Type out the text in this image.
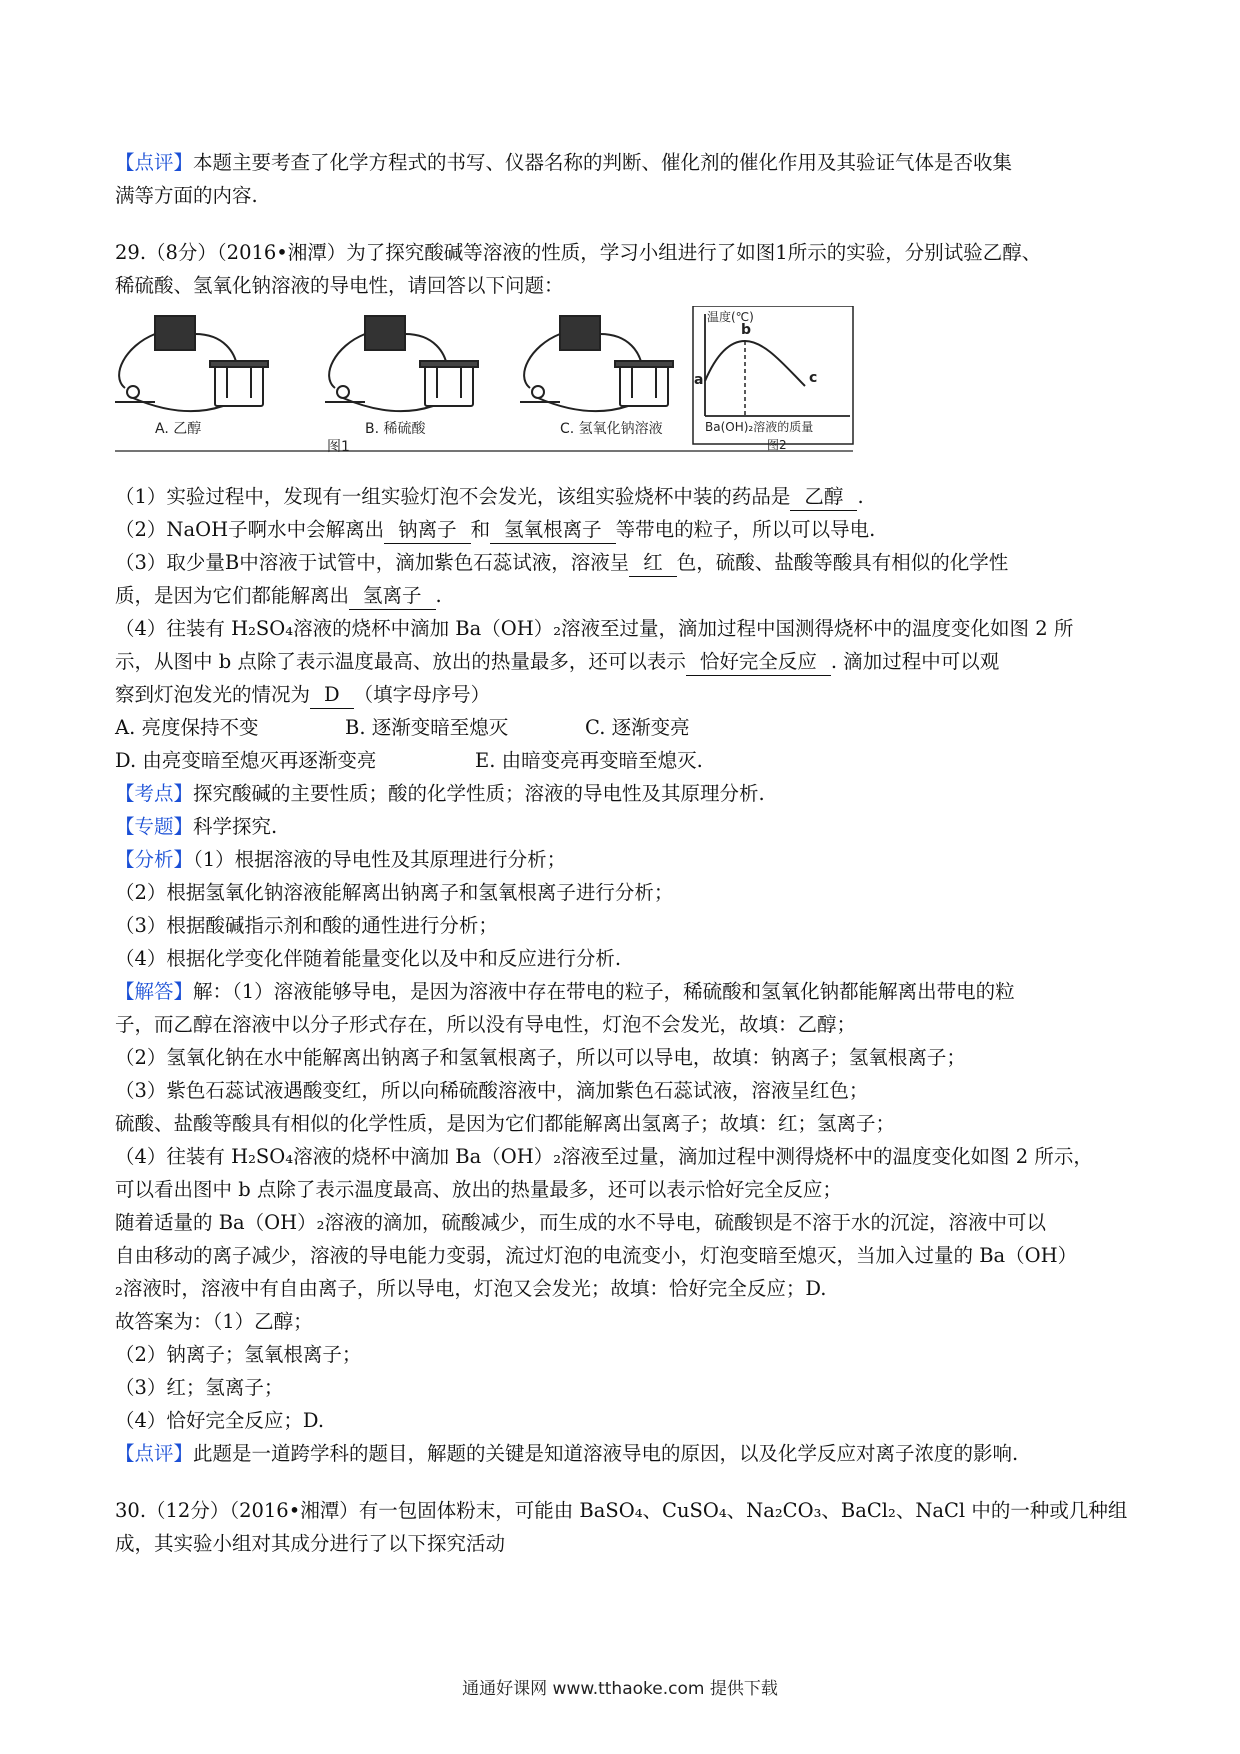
【点评】本题主要考查了化学方程式的书写、仪器名称的判断、催化剂的催化作用及其验证气体是否收集
满等方面的内容.
29.（8分）（2016•湘潭）为了探究酸碱等溶液的性质，学习小组进行了如图1所示的实验，分别试验乙醇、
稀硫酸、氢氧化钠溶液的导电性，请回答以下问题：
A. 乙醇	B. 稀硫酸	C. 氢氧化钠溶液
图1
温度(℃)
Ba(OH)₂溶液的质量
a
b
c
图2
（1）实验过程中，发现有一组实验灯泡不会发光，该组实验烧杯中装的药品是 乙醇 .
（2）NaOH子啊水中会解离出 钠离子 和 氢氧根离子 等带电的粒子，所以可以导电.
（3）取少量B中溶液于试管中，滴加紫色石蕊试液，溶液呈 红 色，硫酸、盐酸等酸具有相似的化学性
质，是因为它们都能解离出 氢离子 .
（4）往装有 H₂SO₄溶液的烧杯中滴加 Ba（OH）₂溶液至过量，滴加过程中国测得烧杯中的温度变化如图 2 所
示，从图中 b 点除了表示温度最高、放出的热量最多，还可以表示 恰好完全反应 . 滴加过程中可以观
察到灯泡发光的情况为 D （填字母序号）
A. 亮度保持不变	B. 逐渐变暗至熄灭	C. 逐渐变亮
D. 由亮变暗至熄灭再逐渐变亮	E. 由暗变亮再变暗至熄灭.
【考点】探究酸碱的主要性质；酸的化学性质；溶液的导电性及其原理分析.
【专题】科学探究.
【分析】（1）根据溶液的导电性及其原理进行分析；
（2）根据氢氧化钠溶液能解离出钠离子和氢氧根离子进行分析；
（3）根据酸碱指示剂和酸的通性进行分析；
（4）根据化学变化伴随着能量变化以及中和反应进行分析.
【解答】解：（1）溶液能够导电，是因为溶液中存在带电的粒子，稀硫酸和氢氧化钠都能解离出带电的粒
子，而乙醇在溶液中以分子形式存在，所以没有导电性，灯泡不会发光，故填：乙醇；
（2）氢氧化钠在水中能解离出钠离子和氢氧根离子，所以可以导电，故填：钠离子；氢氧根离子；
（3）紫色石蕊试液遇酸变红，所以向稀硫酸溶液中，滴加紫色石蕊试液，溶液呈红色；
硫酸、盐酸等酸具有相似的化学性质，是因为它们都能解离出氢离子；故填：红；氢离子；
（4）往装有 H₂SO₄溶液的烧杯中滴加 Ba（OH）₂溶液至过量，滴加过程中测得烧杯中的温度变化如图 2 所示，
可以看出图中 b 点除了表示温度最高、放出的热量最多，还可以表示恰好完全反应；
随着适量的 Ba（OH）₂溶液的滴加，硫酸减少，而生成的水不导电，硫酸钡是不溶于水的沉淀，溶液中可以
自由移动的离子减少，溶液的导电能力变弱，流过灯泡的电流变小，灯泡变暗至熄灭，当加入过量的 Ba（OH）
₂溶液时，溶液中有自由离子，所以导电，灯泡又会发光；故填：恰好完全反应；D.
故答案为：（1）乙醇；
（2）钠离子；氢氧根离子；
（3）红；氢离子；
（4）恰好完全反应；D.
【点评】此题是一道跨学科的题目，解题的关键是知道溶液导电的原因，以及化学反应对离子浓度的影响.
30.（12分）（2016•湘潭）有一包固体粉末，可能由 BaSO₄、CuSO₄、Na₂CO₃、BaCl₂、NaCl 中的一种或几种组
成，其实验小组对其成分进行了以下探究活动
通通好课网 www.tthaoke.com 提供下载
